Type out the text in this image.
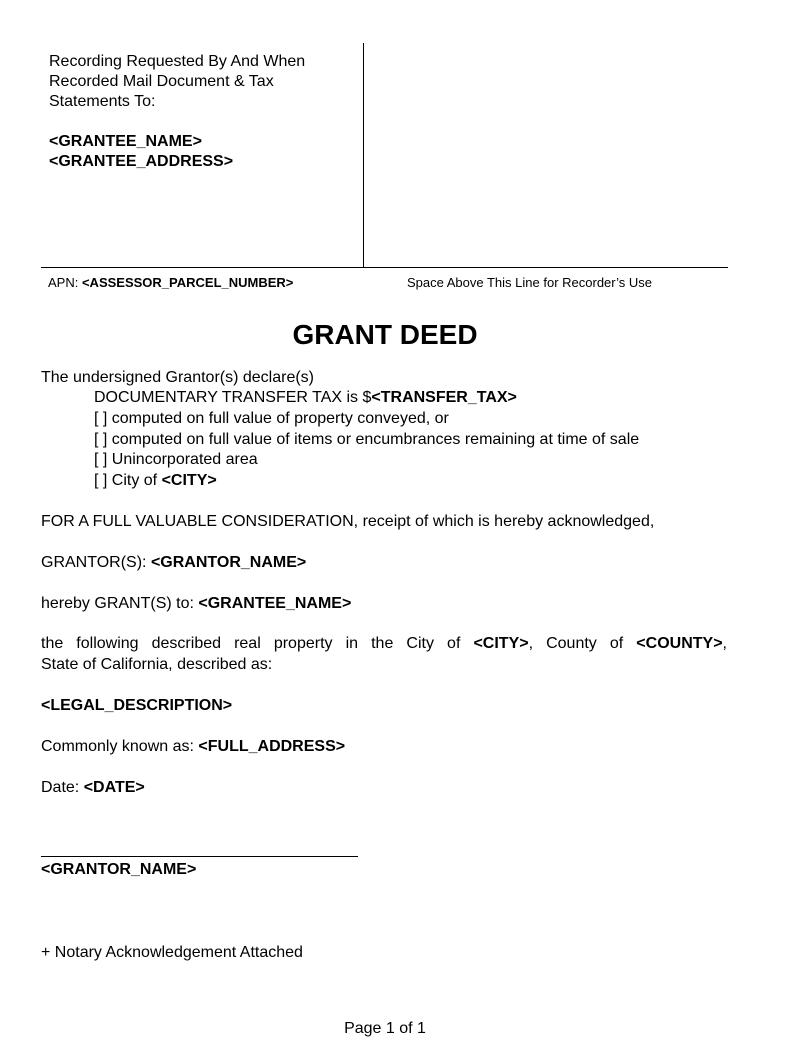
Recording Requested By And When
Recorded Mail Document & Tax
Statements To:
<GRANTEE_NAME>
<GRANTEE_ADDRESS>
APN: <ASSESSOR_PARCEL_NUMBER>	Space Above This Line for Recorder’s Use
GRANT DEED
The undersigned Grantor(s) declare(s)
DOCUMENTARY TRANSFER TAX is $<TRANSFER_TAX>
[ ] computed on full value of property conveyed, or
[ ] computed on full value of items or encumbrances remaining at time of sale
[ ] Unincorporated area
[ ] City of <CITY>
FOR A FULL VALUABLE CONSIDERATION, receipt of which is hereby acknowledged,
GRANTOR(S): <GRANTOR_NAME>
hereby GRANT(S) to: <GRANTEE_NAME>
the following described real property in the City of <CITY>, County of <COUNTY>,
State of California, described as:
<LEGAL_DESCRIPTION>
Commonly known as: <FULL_ADDRESS>
Date: <DATE>
<GRANTOR_NAME>
+ Notary Acknowledgement Attached
Page 1 of 1
